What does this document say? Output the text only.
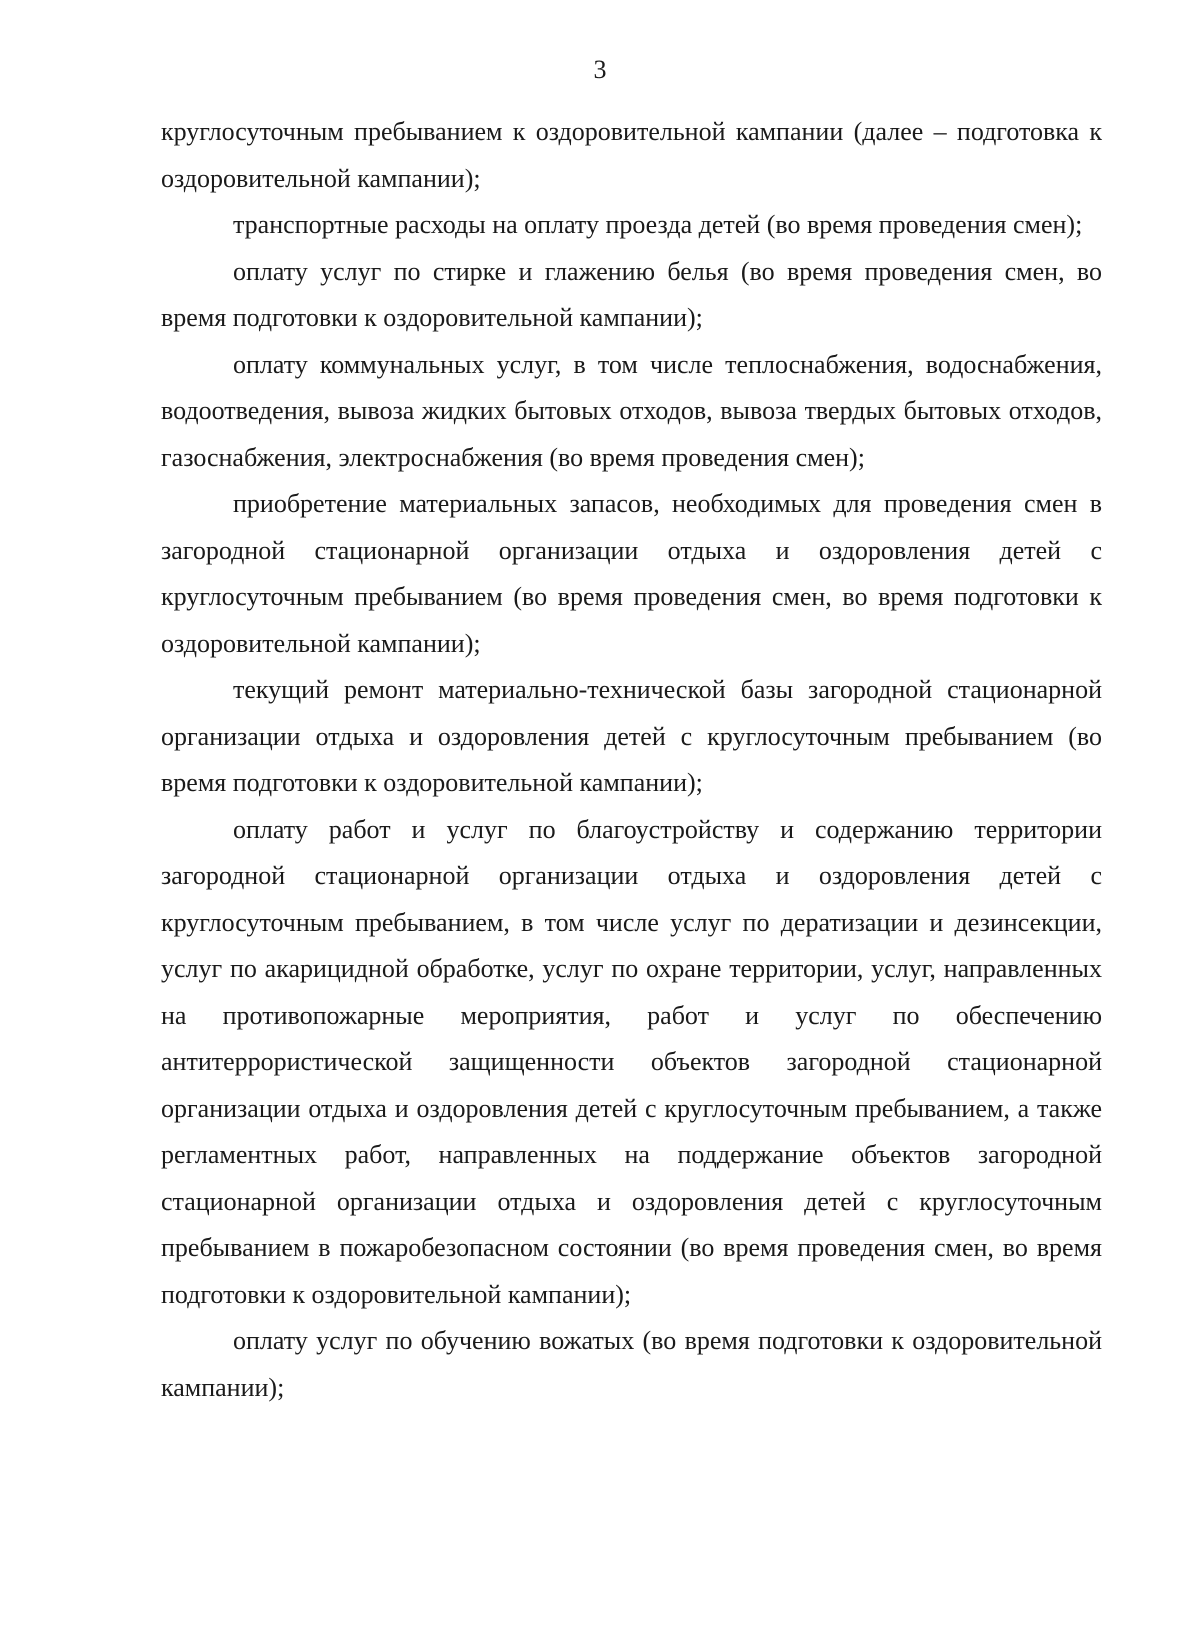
3

круглосуточным пребыванием к оздоровительной кампании (далее – подготовка к оздоровительной кампании);

транспортные расходы на оплату проезда детей (во время проведения смен);

оплату услуг по стирке и глажению белья (во время проведения смен, во время подготовки к оздоровительной кампании);

оплату коммунальных услуг, в том числе теплоснабжения, водоснабжения, водоотведения, вывоза жидких бытовых отходов, вывоза твердых бытовых отходов, газоснабжения, электроснабжения (во время проведения смен);

приобретение материальных запасов, необходимых для проведения смен в загородной стационарной организации отдыха и оздоровления детей с круглосуточным пребыванием (во время проведения смен, во время подготовки к оздоровительной кампании);

текущий ремонт материально-технической базы загородной стационарной организации отдыха и оздоровления детей с круглосуточным пребыванием (во время подготовки к оздоровительной кампании);

оплату работ и услуг по благоустройству и содержанию территории загородной стационарной организации отдыха и оздоровления детей с круглосуточным пребыванием, в том числе услуг по дератизации и дезинсекции, услуг по акарицидной обработке, услуг по охране территории, услуг, направленных на противопожарные мероприятия, работ и услуг по обеспечению антитеррористической защищенности объектов загородной стационарной организации отдыха и оздоровления детей с круглосуточным пребыванием, а также регламентных работ, направленных на поддержание объектов загородной стационарной организации отдыха и оздоровления детей с круглосуточным пребыванием в пожаробезопасном состоянии (во время проведения смен, во время подготовки к оздоровительной кампании);

оплату услуг по обучению вожатых (во время подготовки к оздоровительной кампании);
